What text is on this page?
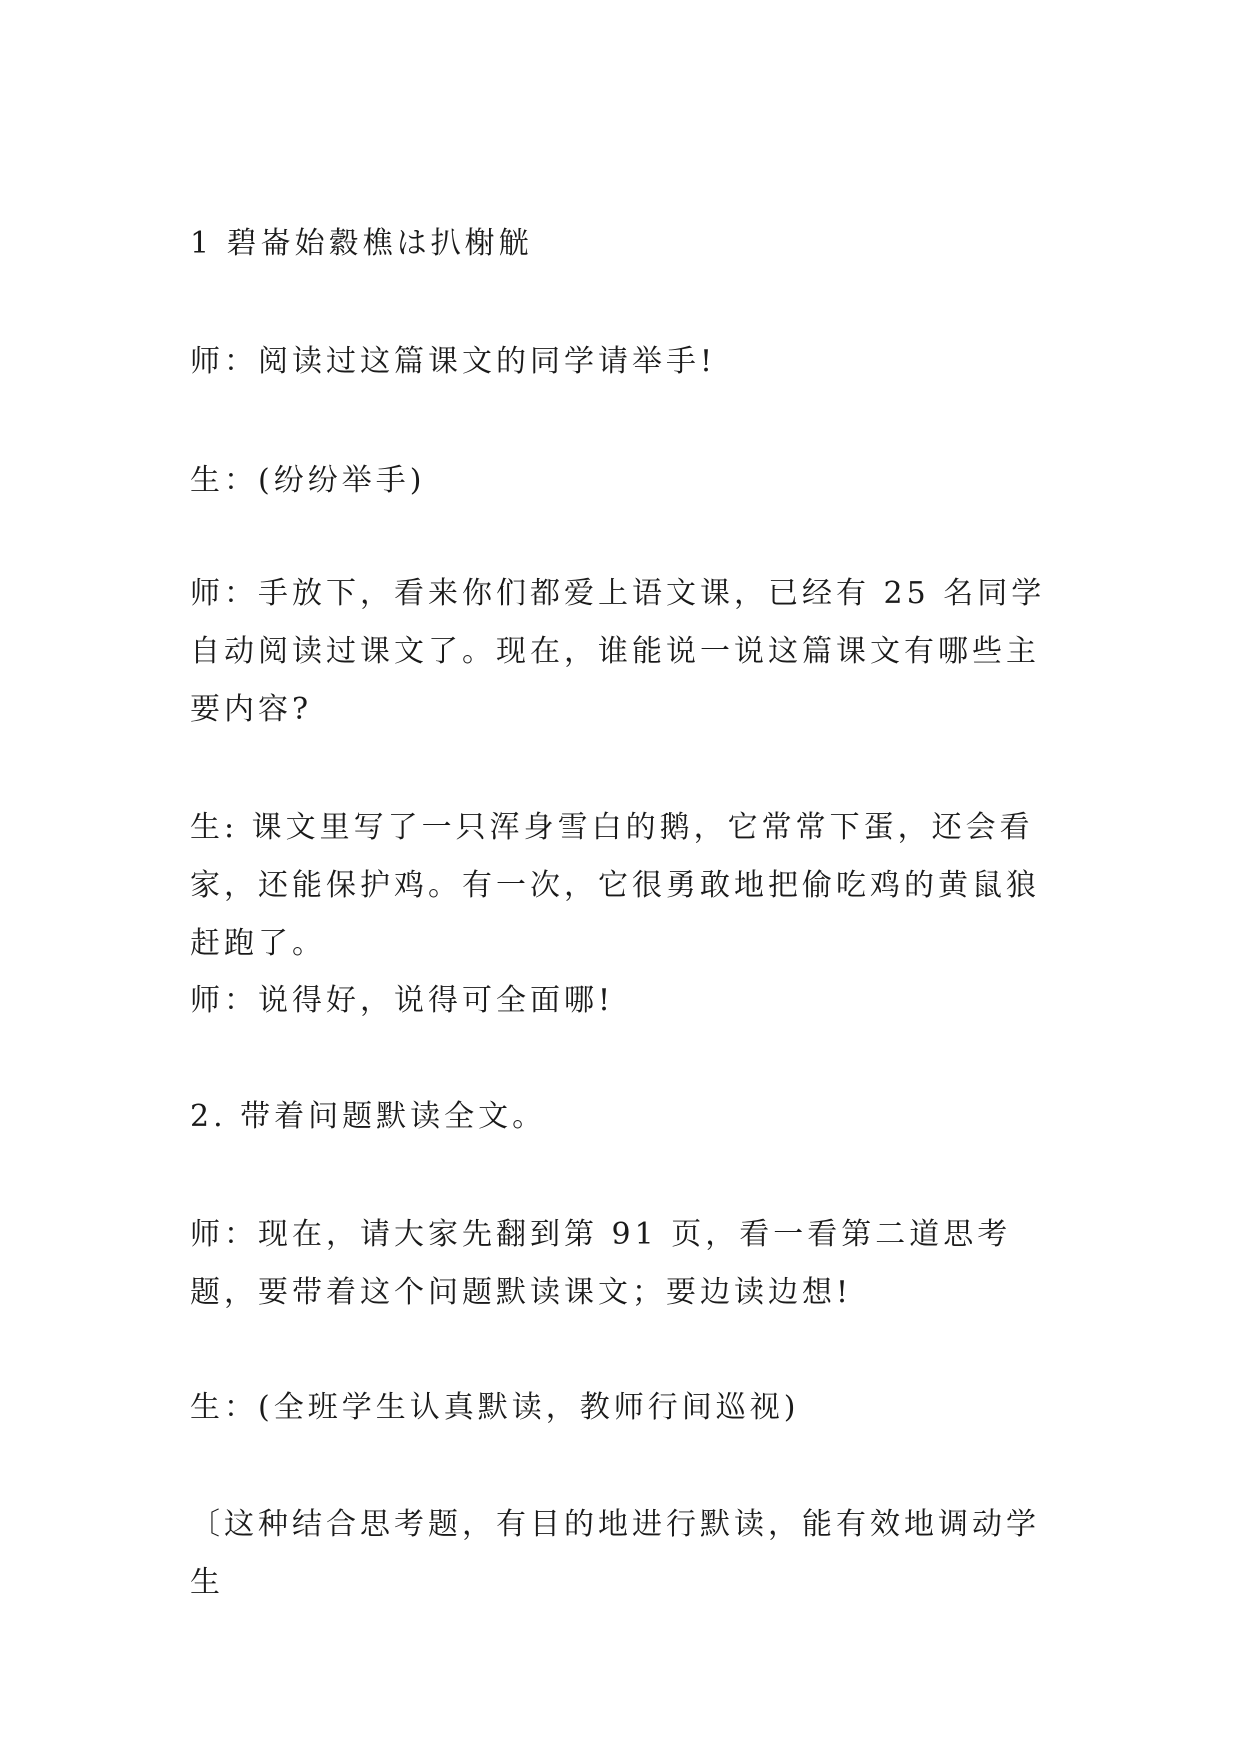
1 碧崙始縠樵は扒榭觥
师：阅读过这篇课文的同学请举手!
生：(纷纷举手)
师：手放下，看来你们都爱上语文课，已经有 25 名同学自动阅读过课文了。现在，谁能说一说这篇课文有哪些主要内容?
生: 课文里写了一只浑身雪白的鹅，它常常下蛋，还会看家，还能保护鸡。有一次，它很勇敢地把偷吃鸡的黄鼠狼赶跑了。
师：说得好，说得可全面哪!
2. 带着问题默读全文。
师：现在，请大家先翻到第 91 页，看一看第二道思考题，要带着这个问题默读课文；要边读边想!
生：(全班学生认真默读，教师行间巡视)
〔这种结合思考题，有目的地进行默读，能有效地调动学生
